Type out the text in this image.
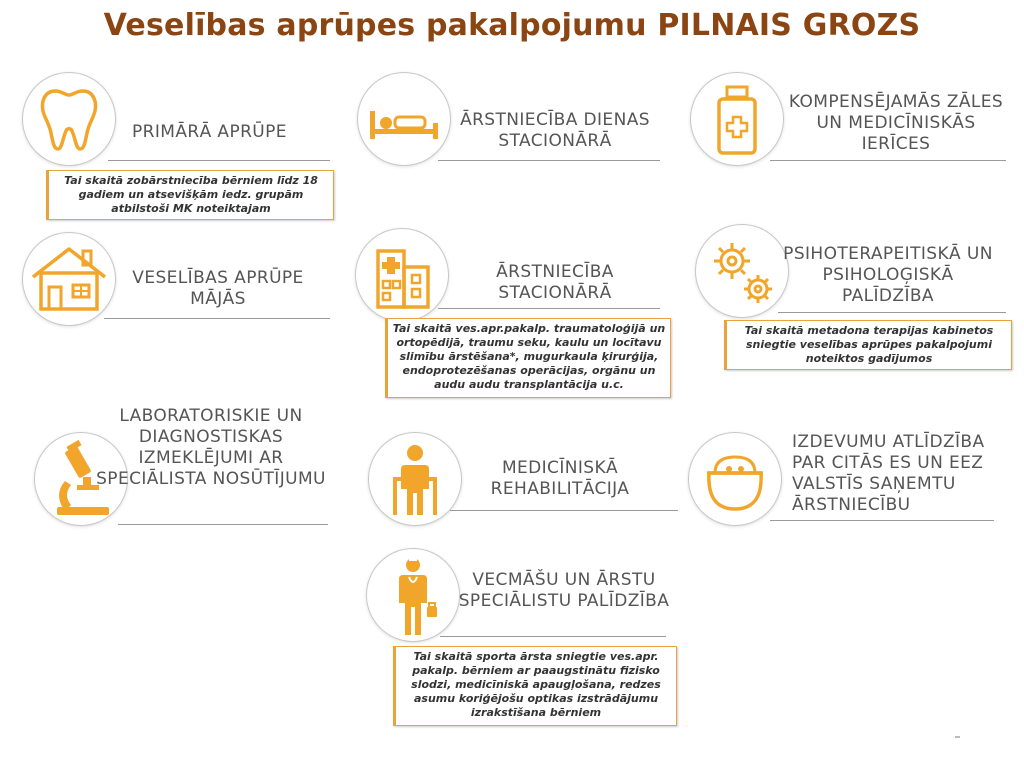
Veselības aprūpes pakalpojumu PILNAIS GROZS
PRIMĀRĀ APRŪPE
Tai skaitā zobārstniecība bērniem līdz 18 gadiem un atsevišķām iedz. grupām atbilstoši MK noteiktajam
ĀRSTNIECĪBA DIENAS STACIONĀRĀ
KOMPENSĒJAMĀS ZĀLES UN MEDICĪNISKĀS IERĪCES
VESELĪBAS APRŪPE MĀJĀS
ĀRSTNIECĪBA STACIONĀRĀ
Tai skaitā ves.apr.pakalp. traumatoloģijā un ortopēdijā, traumu seku, kaulu un locītavu slimību ārstēšana*, mugurkaula ķirurģija, endoprotezēšanas operācijas, orgānu un audu audu transplantācija u.c.
PSIHOTERAPEITISKĀ UN PSIHOLOĢISKĀ PALĪDZĪBA
Tai skaitā metadona terapijas kabinetos sniegtie veselības aprūpes pakalpojumi noteiktos gadījumos
LABORATORISKIE UN DIAGNOSTISKAS IZMEKLĒJUMI AR SPECIĀLISTA NOSŪTĪJUMU
MEDICĪNISKĀ REHABILITĀCIJA
IZDEVUMU ATLĪDZĪBA PAR CITĀS ES UN EEZ VALSTĪS SAŅEMTU ĀRSTNIECĪBU
VECMĀŠU UN ĀRSTU SPECIĀLISTU PALĪDZĪBA
Tai skaitā sporta ārsta sniegtie ves.apr. pakalp. bērniem ar paaugstinātu fizisko slodzi, medicīniskā apaugļošana, redzes asumu koriģējošu optikas izstrādājumu izrakstīšana bērniem
